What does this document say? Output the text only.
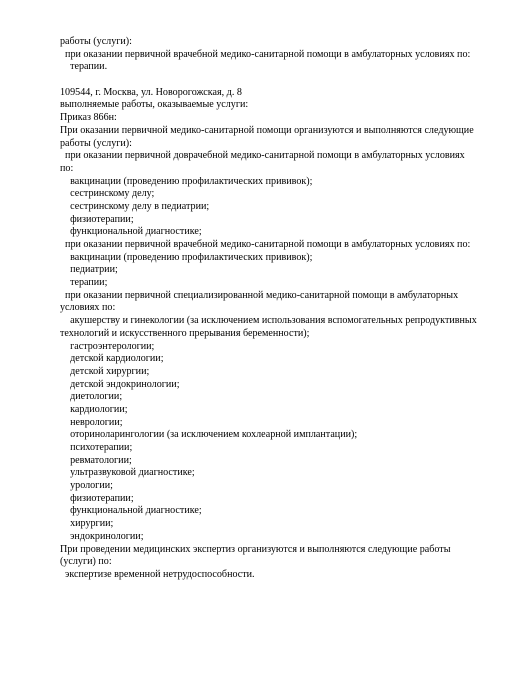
работы (услуги):
при оказании первичной врачебной медико-санитарной помощи в амбулаторных условиях по:
терапии.
109544, г. Москва, ул. Новорогожская, д. 8
выполняемые работы, оказываемые услуги:
Приказ 866н:
При оказании первичной медико-санитарной помощи организуются и выполняются следующие
работы (услуги):
при оказании первичной доврачебной медико-санитарной помощи в амбулаторных условиях
по:
вакцинации (проведению профилактических прививок);
сестринскому делу;
сестринскому делу в педиатрии;
физиотерапии;
функциональной диагностике;
при оказании первичной врачебной медико-санитарной помощи в амбулаторных условиях по:
вакцинации (проведению профилактических прививок);
педиатрии;
терапии;
при оказании первичной специализированной медико-санитарной помощи в амбулаторных
условиях по:
акушерству и гинекологии (за исключением использования вспомогательных репродуктивных
технологий и искусственного прерывания беременности);
гастроэнтерологии;
детской кардиологии;
детской хирургии;
детской эндокринологии;
диетологии;
кардиологии;
неврологии;
оториноларингологии (за исключением кохлеарной имплантации);
психотерапии;
ревматологии;
ультразвуковой диагностике;
урологии;
физиотерапии;
функциональной диагностике;
хирургии;
эндокринологии;
При проведении медицинских экспертиз организуются и выполняются следующие работы
(услуги) по:
экспертизе временной нетрудоспособности.
